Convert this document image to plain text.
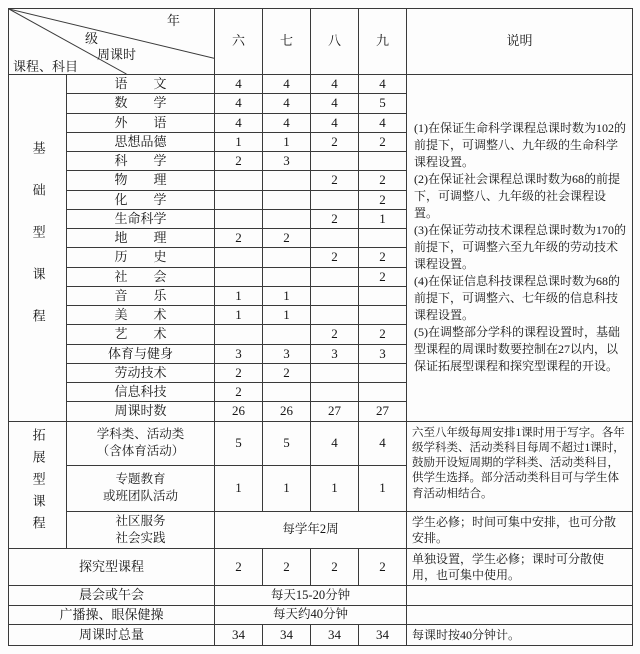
年
级
周课时
课程、科目		六	七	八	九	说明
基础型课程	语　　文	4	4	4	4	(1)在保证生命科学课程总课时数为102的前提下，可调整八、九年级的生命科学课程设置。

(2)在保证社会课程总课时数为68的前提下，可调整八、九年级的社会课程设置。

(3)在保证劳动技术课程总课时数为170的前提下，可调整六至九年级的劳动技术课程设置。

(4)在保证信息科技课程总课时数为68的前提下，可调整六、七年级的信息科技课程设置。

(5)在调整部分学科的课程设置时，基础型课程的周课时数要控制在27以内，以保证拓展型课程和探究型课程的开设。

	数　　学	4	4	4	5	
	外　　语	4	4	4	4	
	思想品德	1	1	2	2	
	科　　学	2	3			
	物　　理			2	2	
	化　　学				2	
	生命科学			2	1	
	地　　理	2	2			
	历　　史			2	2	
	社　　会				2	
	音　　乐	1	1			
	美　　术	1	1			
	艺　　术			2	2	
	体育与健身	3	3	3	3	
	劳动技术	2	2			
	信息科技	2				
	周课时数	26	26	27	27	
拓展型课程	学科类、活动类
（含体育活动）	5	5	4	4	六至八年级每周安排1课时用于写字。各年级学科类、活动类科目每周不超过1课时，鼓励开设短周期的学科类、活动类科目，供学生选择。部分活动类科目可与学生体育活动相结合。

	专题教育
或班团队活动	1	1	1	1	

	社区服务
社会实践	每学年2周				学生必修；时间可集中安排，也可分散安排。
探究型课程		2	2	2	2	单独设置，学生必修；课时可分散使用，也可集中使用。
晨会或午会		每天15-20分钟				
广播操、眼保健操		每天约40分钟				
周课时总量		34	34	34	34	每课时按40分钟计。
